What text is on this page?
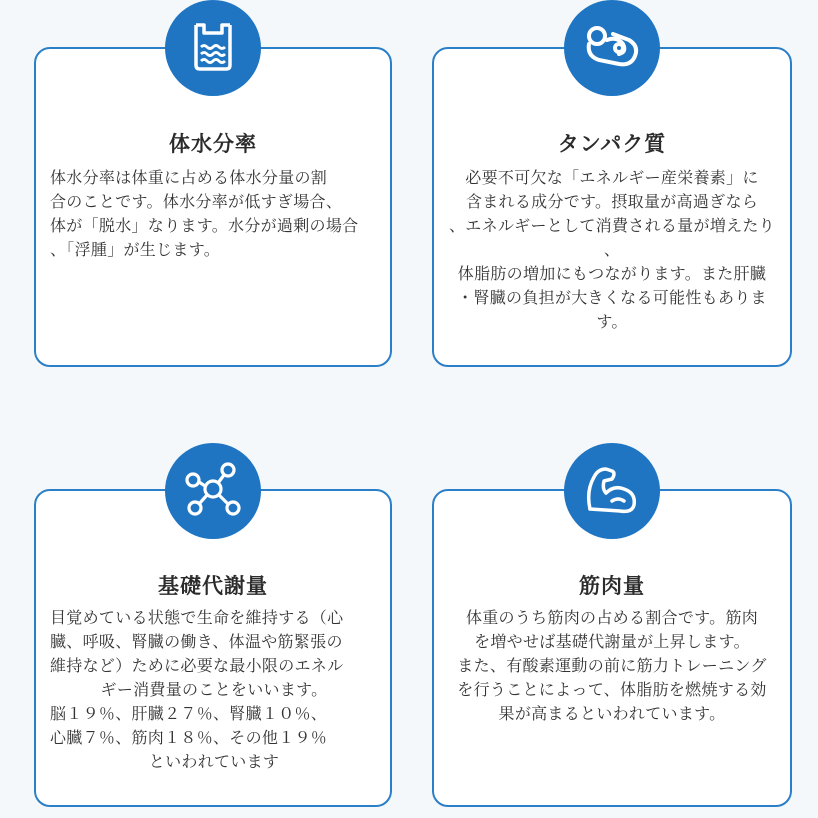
体水分率
体水分率は体重に占める体水分量の割
合のことです。体水分率が低すぎ場合、
体が「脱水」なります。水分が過剰の場合
、「浮腫」が生じます。
タンパク質
必要不可欠な「エネルギー産栄養素」に
含まれる成分です。摂取量が高過ぎなら
、エネルギーとして消費される量が増えたり
、
体脂肪の増加にもつながります。また肝臓
・腎臓の負担が大きくなる可能性もありま
す。
基礎代謝量
目覚めている状態で生命を維持する（心
臓、呼吸、腎臓の働き、体温や筋緊張の
維持など）ために必要な最小限のエネル
ギー消費量のことをいいます。
脳１９％、肝臓２７％、腎臓１０％、
心臓７％、筋肉１８％、その他１９％
といわれています
筋肉量
体重のうち筋肉の占める割合です。筋肉
を増やせば基礎代謝量が上昇します。
また、有酸素運動の前に筋力トレーニング
を行うことによって、体脂肪を燃焼する効
果が高まるといわれています。
